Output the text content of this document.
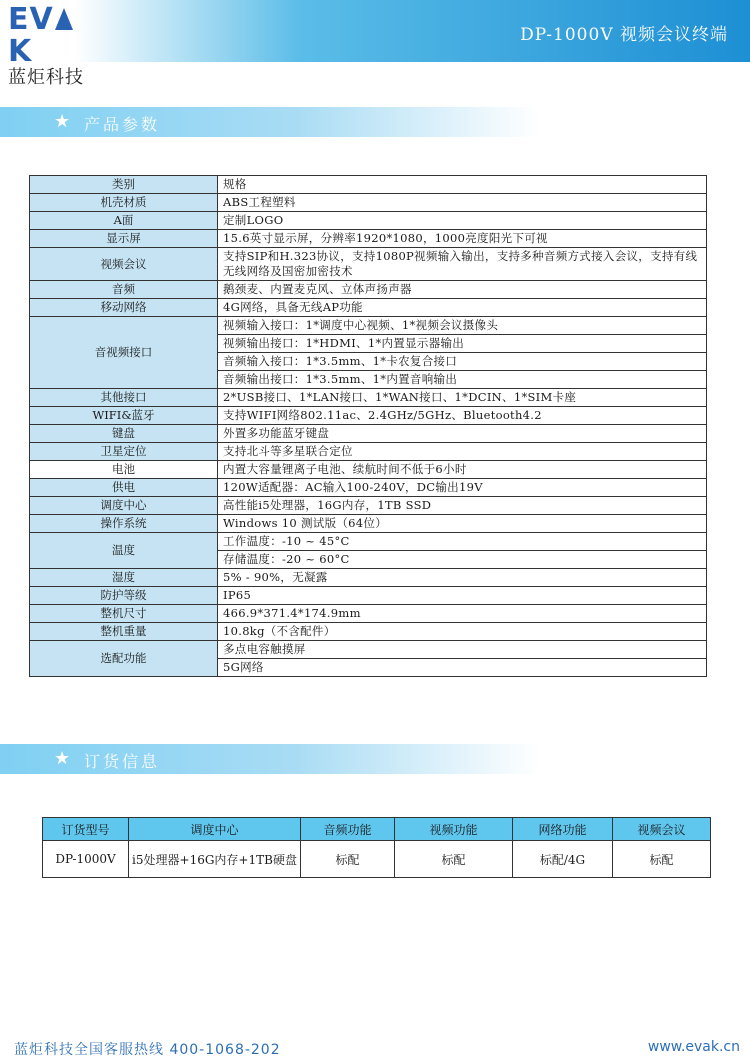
EVK
蓝炬科技
DP-1000V 视频会议终端
★ 产品参数
类别	规格
机壳材质	ABS工程塑料
A面	定制LOGO
显示屏	15.6英寸显示屏，分辨率1920*1080，1000亮度阳光下可视
视频会议	支持SIP和H.323协议，支持1080P视频输入输出，支持多种音频方式接入会议，支持有线无线网络及国密加密技术
音频	鹅颈麦、内置麦克风、立体声扬声器
移动网络	4G网络，具备无线AP功能
音视频接口	视频输入接口：1*调度中心视频、1*视频会议摄像头
	视频输出接口：1*HDMI、1*内置显示器输出
	音频输入接口：1*3.5mm、1*卡农复合接口
	音频输出接口：1*3.5mm、1*内置音响输出
其他接口	2*USB接口、1*LAN接口、1*WAN接口、1*DCIN、1*SIM卡座
WIFI&蓝牙	支持WIFI网络802.11ac、2.4GHz/5GHz、Bluetooth4.2
键盘	外置多功能蓝牙键盘
卫星定位	支持北斗等多星联合定位
电池	内置大容量锂离子电池、续航时间不低于6小时
供电	120W适配器：AC输入100-240V，DC输出19V
调度中心	高性能i5处理器，16G内存，1TB SSD
操作系统	Windows 10 测试版（64位）
温度	工作温度：-10 ~ 45°C
	存储温度：-20 ~ 60°C
湿度	5% - 90%，无凝露
防护等级	IP65
整机尺寸	466.9*371.4*174.9mm
整机重量	10.8kg（不含配件）
选配功能	多点电容触摸屏
	5G网络
★ 订货信息
订货型号	调度中心	音频功能	视频功能	网络功能	视频会议
DP-1000V	i5处理器+16G内存+1TB硬盘	标配	标配	标配/4G	标配
蓝炬科技全国客服热线 400-1068-202	www.evak.cn
